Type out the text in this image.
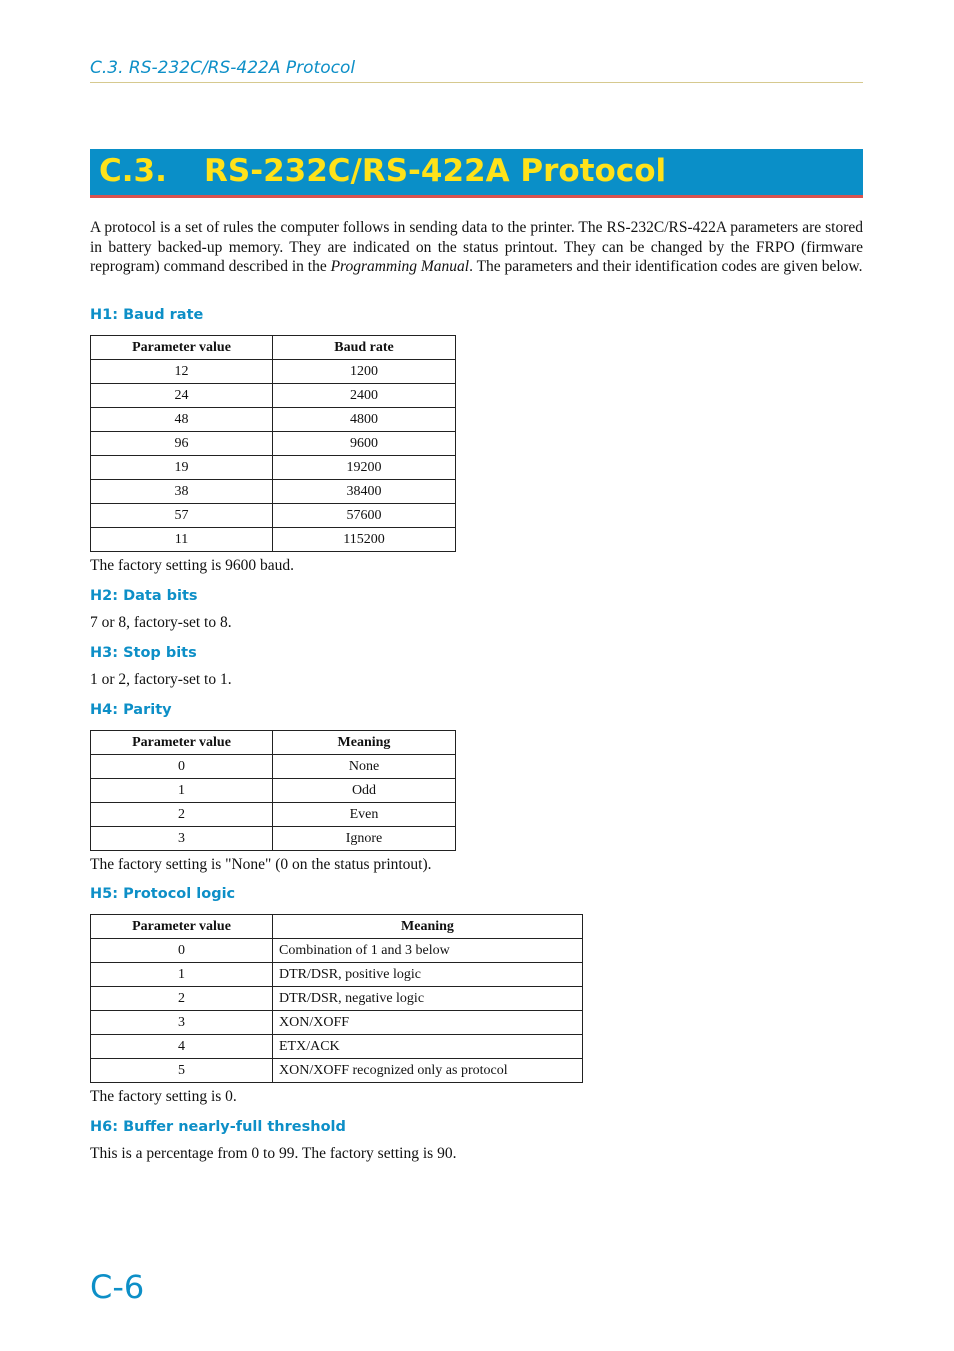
C.3. RS-232C/RS-422A Protocol
C.3. RS-232C/RS-422A Protocol

A protocol is a set of rules the computer follows in sending data to the printer. The RS-232C/RS-422A parameters are stored in battery backed-up memory. They are indicated on the status printout. They can be changed by the FRPO (firmware reprogram) command described in the Programming Manual. The parameters and their identification codes are given below.

H1: Baud rate
Parameter value	Baud rate
12	1200
24	2400
48	4800
96	9600
19	19200
38	38400
57	57600
11	115200
The factory setting is 9600 baud.
H2: Data bits
7 or 8, factory-set to 8.
H3: Stop bits
1 or 2, factory-set to 1.
H4: Parity
Parameter value	Meaning
0	None
1	Odd
2	Even
3	Ignore
The factory setting is "None" (0 on the status printout).
H5: Protocol logic
Parameter value	Meaning
0	Combination of 1 and 3 below
1	DTR/DSR, positive logic
2	DTR/DSR, negative logic
3	XON/XOFF
4	ETX/ACK
5	XON/XOFF recognized only as protocol
The factory setting is 0.
H6: Buffer nearly-full threshold
This is a percentage from 0 to 99. The factory setting is 90.
C-6
